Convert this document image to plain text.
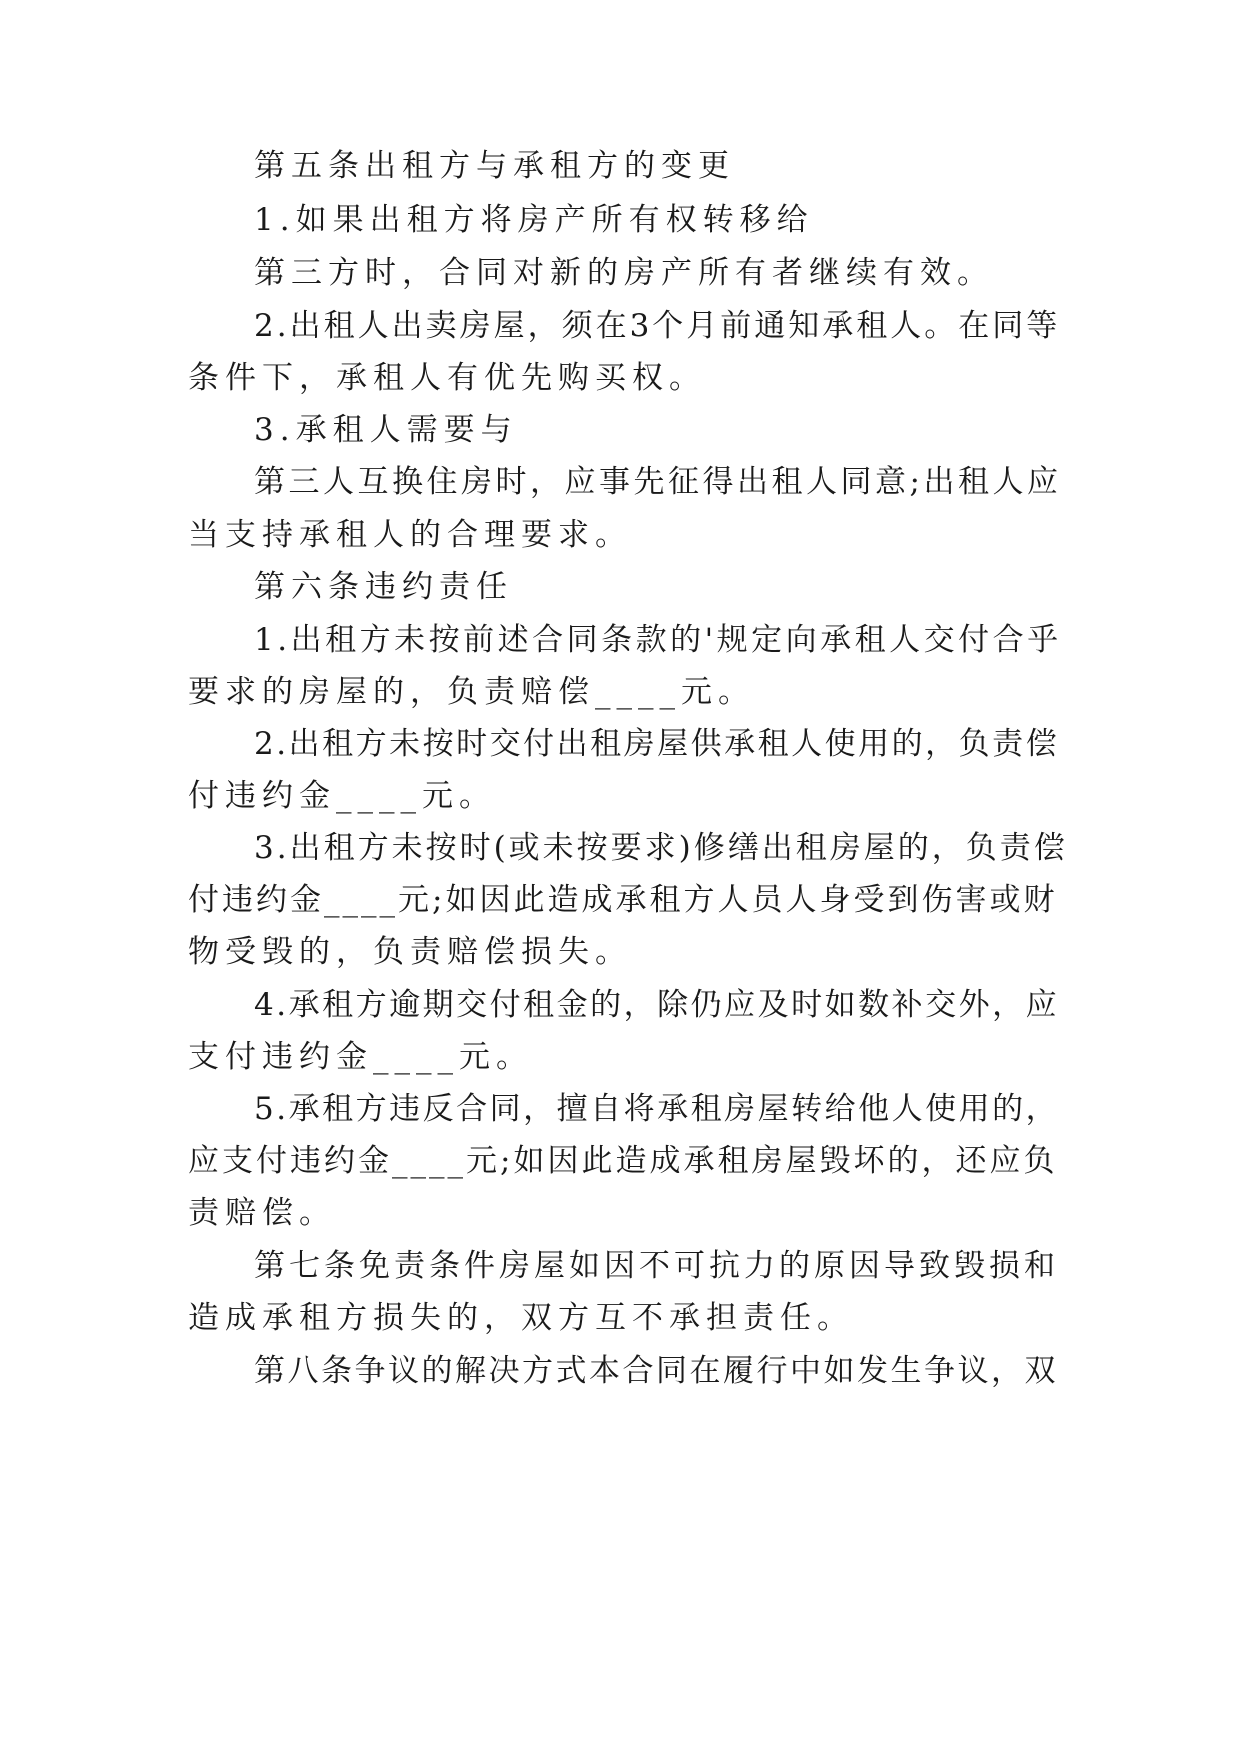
第五条出租方与承租方的变更
1.如果出租方将房产所有权转移给
第三方时，合同对新的房产所有者继续有效。
2.出租人出卖房屋，须在3个月前通知承租人。在同等
条件下，承租人有优先购买权。
3.承租人需要与
第三人互换住房时，应事先征得出租人同意;出租人应
当支持承租人的合理要求。
第六条违约责任
1.出租方未按前述合同条款的'规定向承租人交付合乎
要求的房屋的，负责赔偿____元。
2.出租方未按时交付出租房屋供承租人使用的，负责偿
付违约金____元。
3.出租方未按时(或未按要求)修缮出租房屋的，负责偿
付违约金____元;如因此造成承租方人员人身受到伤害或财
物受毁的，负责赔偿损失。
4.承租方逾期交付租金的，除仍应及时如数补交外，应
支付违约金____元。
5.承租方违反合同，擅自将承租房屋转给他人使用的，
应支付违约金____元;如因此造成承租房屋毁坏的，还应负
责赔偿。
第七条免责条件房屋如因不可抗力的原因导致毁损和
造成承租方损失的，双方互不承担责任。
第八条争议的解决方式本合同在履行中如发生争议，双
